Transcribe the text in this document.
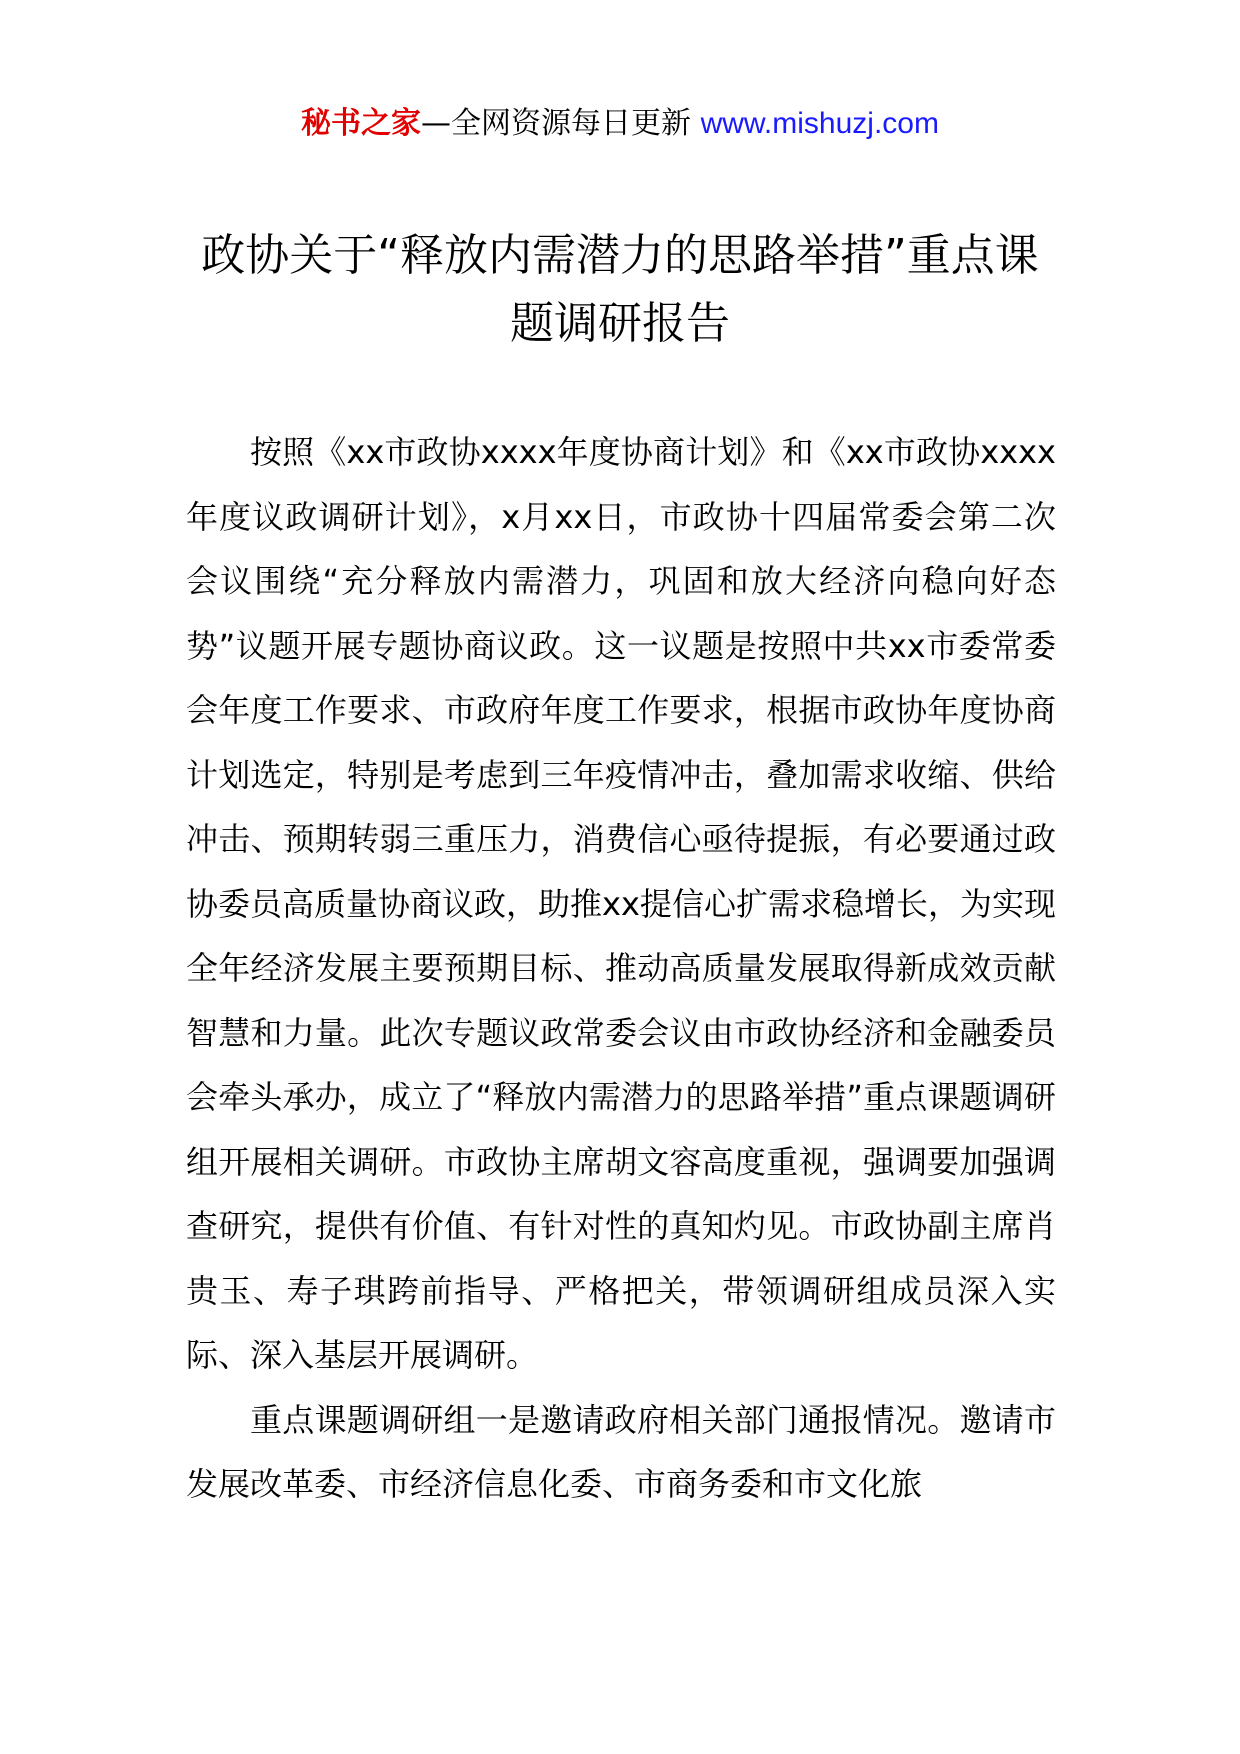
秘书之家—全网资源每日更新 www.mishuzj.com
政协关于“释放内需潜力的思路举措”重点课题调研报告

按照《xx市政协xxxx年度协商计划》和《xx市政协xxxx年度议政调研计划》，x月xx日，市政协十四届常委会第二次会议围绕“充分释放内需潜力，巩固和放大经济向稳向好态势”议题开展专题协商议政。这一议题是按照中共xx市委常委会年度工作要求、市政府年度工作要求，根据市政协年度协商计划选定，特别是考虑到三年疫情冲击，叠加需求收缩、供给冲击、预期转弱三重压力，消费信心亟待提振，有必要通过政协委员高质量协商议政，助推xx提信心扩需求稳增长，为实现全年经济发展主要预期目标、推动高质量发展取得新成效贡献智慧和力量。此次专题议政常委会议由市政协经济和金融委员会牵头承办，成立了“释放内需潜力的思路举措”重点课题调研组开展相关调研。市政协主席胡文容高度重视，强调要加强调查研究，提供有价值、有针对性的真知灼见。市政协副主席肖贵玉、寿子琪跨前指导、严格把关，带领调研组成员深入实际、深入基层开展调研。

重点课题调研组一是邀请政府相关部门通报情况。邀请市发展改革委、市经济信息化委、市商务委和市文化旅
